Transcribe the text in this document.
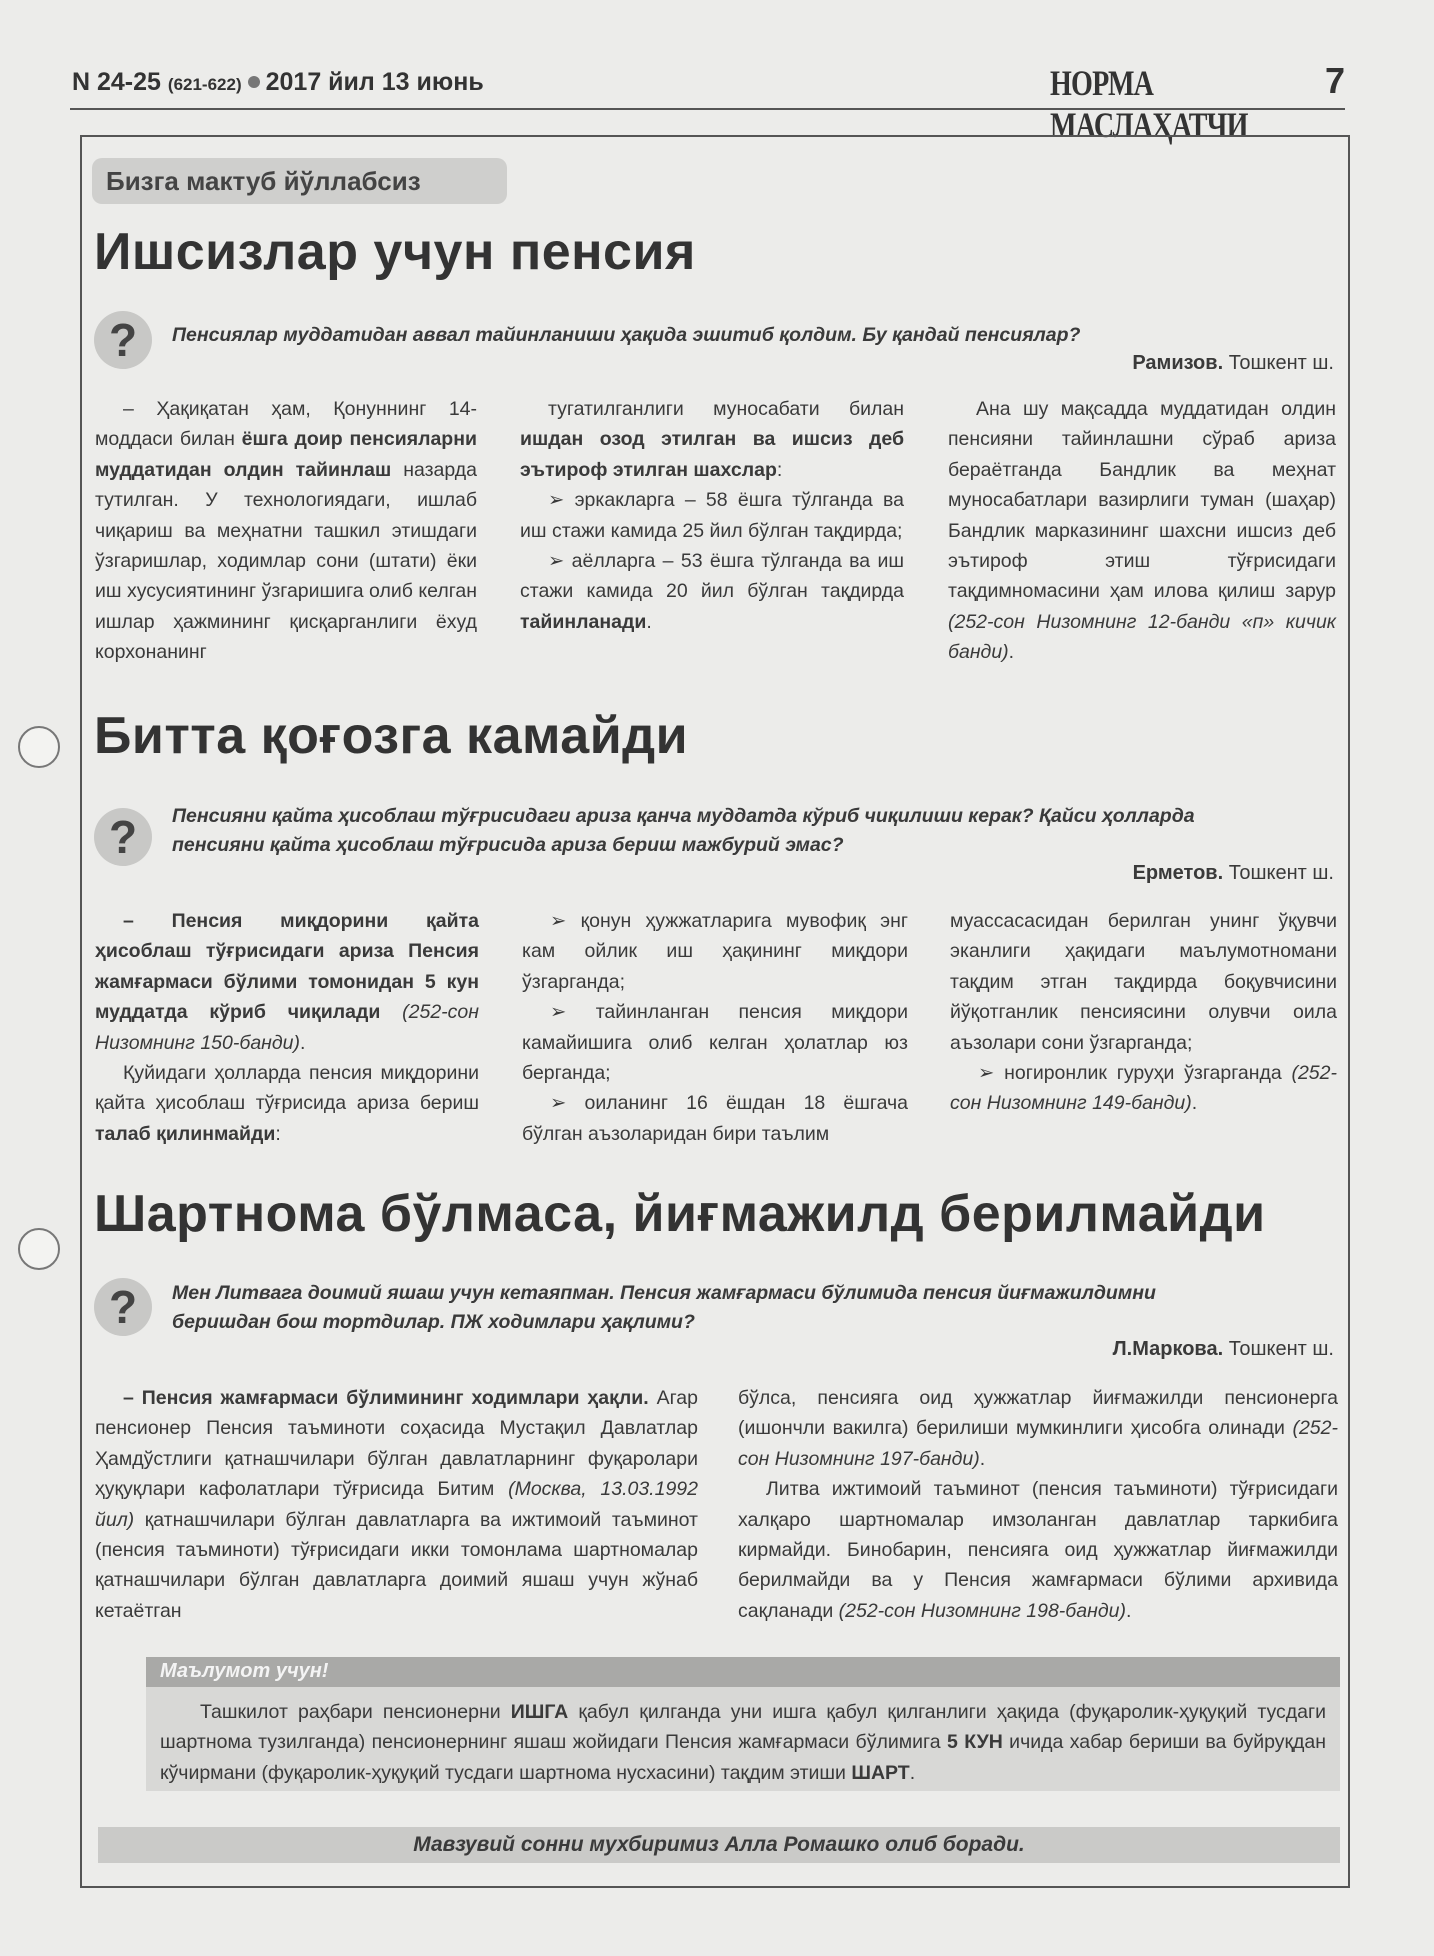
N 24-25 (621-622) 2017 йил 13 июнь	НОРМА МАСЛАҲАТЧИ
7
Бизга мактуб йўллабсиз
Ишсизлар учун пенсия
?	Пенсиялар муддатидан аввал тайинланиши ҳақида эшитиб қолдим. Бу қандай пенсиялар?
Рамизов. Тошкент ш.

– Ҳақиқатан ҳам, Қонуннинг 14-моддаси билан ёшга доир пенсияларни муддатидан олдин тайинлаш назарда тутилган. У технологиядаги, ишлаб чиқариш ва меҳнатни ташкил этишдаги ўзгаришлар, ходимлар сони (штати) ёки иш хусусиятининг ўзгаришига олиб келган ишлар ҳажмининг қисқарганлиги ёхуд корхонанинг

тугатилганлиги муносабати билан ишдан озод этилган ва ишсиз деб эътироф этилган шахслар:

➢ эркакларга – 58 ёшга тўлганда ва иш стажи камида 25 йил бўлган тақдирда;

➢ аёлларга – 53 ёшга тўлганда ва иш стажи камида 20 йил бўлган тақдирда тайинланади.

Ана шу мақсадда муддатидан олдин пенсияни тайинлашни сўраб ариза бераётганда Бандлик ва меҳнат муносабатлари вазирлиги туман (шаҳар) Бандлик марказининг шахсни ишсиз деб эътироф этиш тўғрисидаги тақдимномасини ҳам илова қилиш зарур (252-сон Низомнинг 12-банди «п» кичик банди).

Битта қоғозга камайди
?	Пенсияни қайта ҳисоблаш тўғрисидаги ариза қанча муддатда кўриб чиқилиши керак? Қайси ҳолларда
пенсияни қайта ҳисоблаш тўғрисида ариза бериш мажбурий эмас?
Ерметов. Тошкент ш.

– Пенсия миқдорини қайта ҳисоблаш тўғрисидаги ариза Пенсия жамғармаси бўлими томонидан 5 кун муддатда кўриб чиқилади (252-сон Низомнинг 150-банди).

Қуйидаги ҳолларда пенсия миқдорини қайта ҳисоблаш тўғрисида ариза бериш талаб қилинмайди:

➢ қонун ҳужжатларига мувофиқ энг кам ойлик иш ҳақининг миқдори ўзгарганда;

➢ тайинланган пенсия миқдори камайишига олиб келган ҳолатлар юз берганда;

➢ оиланинг 16 ёшдан 18 ёшгача бўлган аъзоларидан бири таълим

муассасасидан берилган унинг ўқувчи эканлиги ҳақидаги маълумотномани тақдим этган тақдирда боқувчисини йўқотганлик пенсиясини олувчи оила аъзолари сони ўзгарганда;

➢ ногиронлик гуруҳи ўзгарганда (252-сон Низомнинг 149-банди).

Шартнома бўлмаса, йиғмажилд берилмайди
?	Мен Литвага доимий яшаш учун кетаяпман. Пенсия жамғармаси бўлимида пенсия йиғмажилдимни
беришдан бош тортдилар. ПЖ ходимлари ҳақлими?
Л.Маркова. Тошкент ш.

– Пенсия жамғармаси бўлимининг ходимлари ҳақли. Агар пенсионер Пенсия таъминоти соҳасида Мустақил Давлатлар Ҳамдўстлиги қатнашчилари бўлган давлатларнинг фуқаролари ҳуқуқлари кафолатлари тўғрисида Битим (Москва, 13.03.1992 йил) қатнашчилари бўлган давлатларга ва ижтимоий таъминот (пенсия таъминоти) тўғрисидаги икки томонлама шартномалар қатнашчилари бўлган давлатларга доимий яшаш учун жўнаб кетаётган

бўлса, пенсияга оид ҳужжатлар йиғмажилди пенсионерга (ишончли вакилга) берилиши мумкинлиги ҳисобга олинади (252-сон Низомнинг 197-банди).

Литва ижтимоий таъминот (пенсия таъминоти) тўғрисидаги халқаро шартномалар имзоланган давлатлар таркибига кирмайди. Бинобарин, пенсияга оид ҳужжатлар йиғмажилди берилмайди ва у Пенсия жамғармаси бўлими архивида сақланади (252-сон Низомнинг 198-банди).

Маълумот учун!
Ташкилот раҳбари пенсионерни ИШГА қабул қилганда уни ишга қабул қилганлиги ҳақида (фуқаролик-ҳуқуқий тусдаги шартнома тузилганда) пенсионернинг яшаш жойидаги Пенсия жамғармаси бўлимига 5 КУН ичида хабар бериши ва буйруқдан кўчирмани (фуқаролик-ҳуқуқий тусдаги шартнома нусхасини) тақдим этиши ШАРТ.
Мавзувий сонни мухбиримиз Алла Ромашко олиб боради.
